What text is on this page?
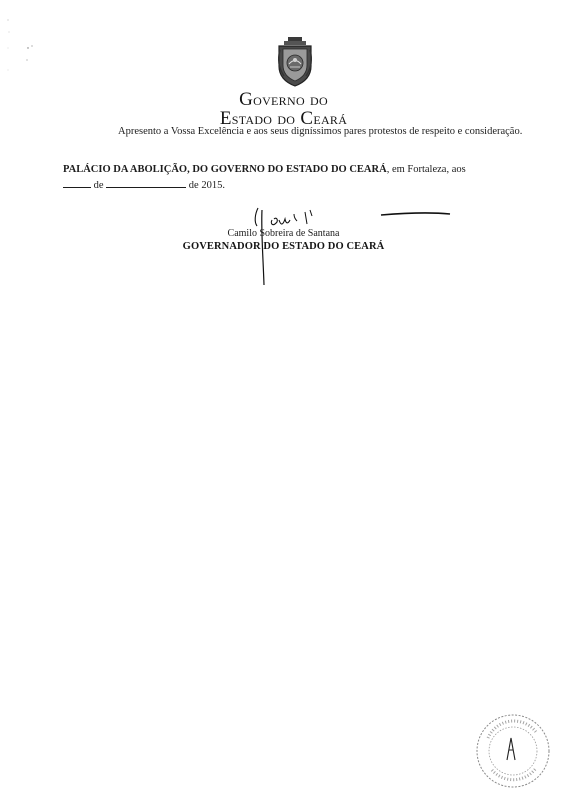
GOVERNO DO
ESTADO DO CEARÁ

Apresento a Vossa Excelência e aos seus digníssimos pares protestos de respeito e consideração.

PALÁCIO DA ABOLIÇÃO, DO GOVERNO DO ESTADO DO CEARÁ, em Fortaleza, aos
de	de 2015.

Camilo Sobreira de Santana
GOVERNADOR DO ESTADO DO CEARÁ
